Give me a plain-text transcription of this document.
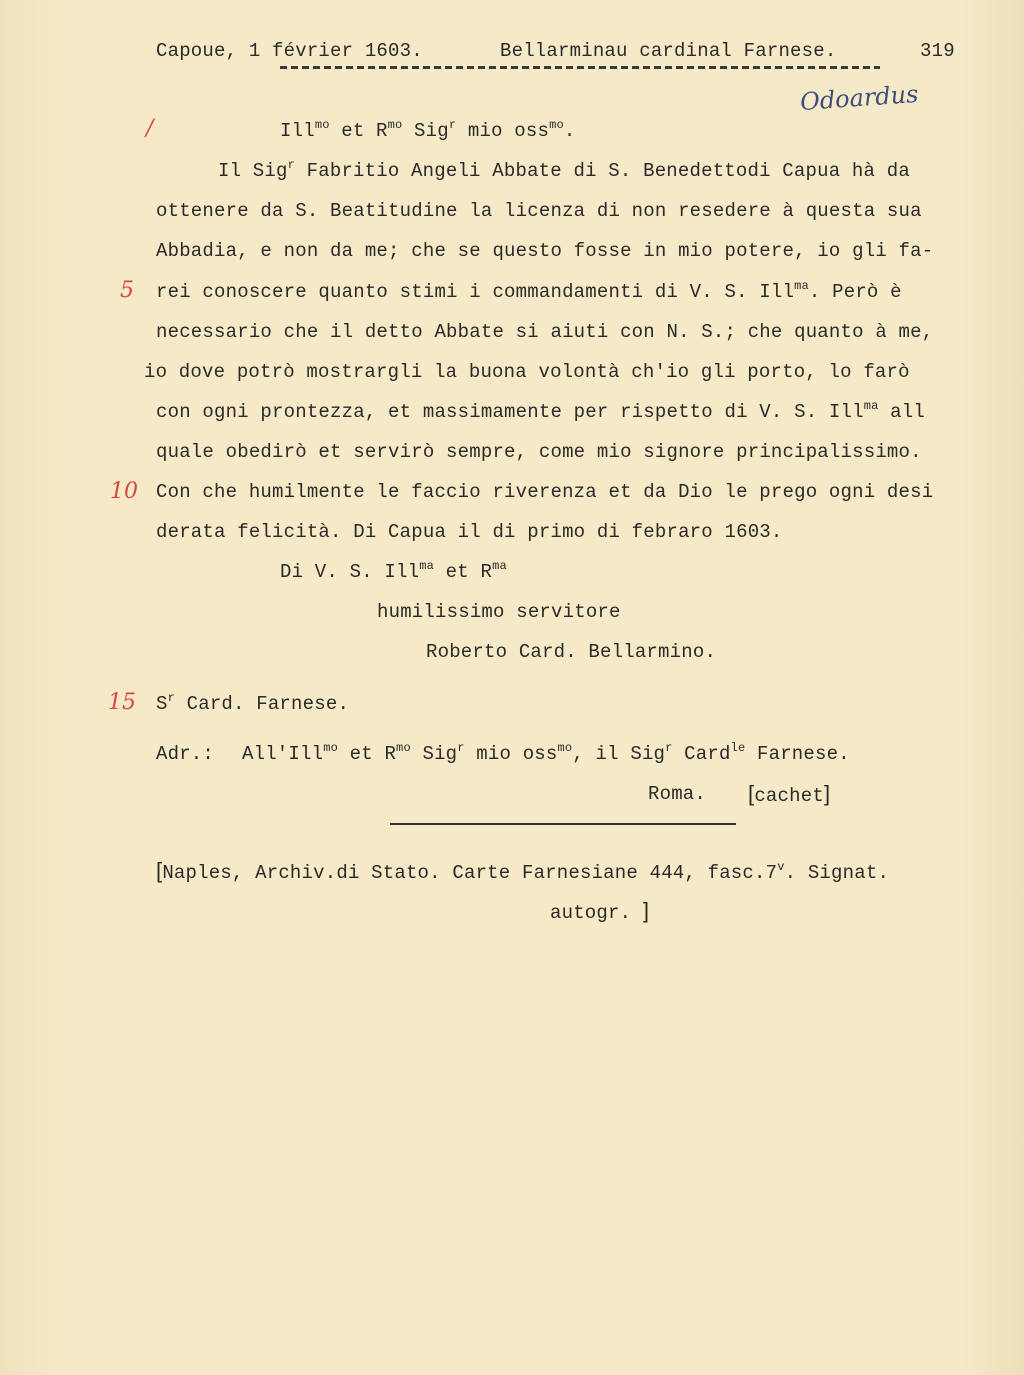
Capoue, 1 février 1603.	Bellarminau cardinal Farnese.	319
Odoardus
/
5
10
15
Ill$^{mo}$ et $R^{mo}$ Sig$^r$ mio oss$^{mo}$.
Il Sig$^r$ Fabritio Angeli Abbate di S. Benedettodi Capua hà da
ottenere da S. Beatitudine la licenza di non resedere à questa sua
Abbadia, e non da me; che se questo fosse in mio potere, io gli fa-
rei conoscere quanto stimi i commandamenti di V. S. Ill$^{ma}$. Però è
necessario che il detto Abbate si aiuti con N. S.; che quanto à me,
io dove potrò mostrargli la buona volontà ch'io gli porto, lo farò
con ogni prontezza, et massimamente per rispetto di V. S. Ill$^{ma}$ all
quale obedirò et servirò sempre, come mio signore principalissimo.
Con che humilmente le faccio riverenza et da Dio le prego ogni desi
derata felicità. Di Capua il di primo di febraro 1603.
Di V. S. Ill$^{ma}$ et $R^{ma}$
humilissimo servitore
Roberto Card. Bellarmino.
$S^r$ Card. Farnese.
Adr.: All'Ill$^{mo}$ et $R^{mo}$ Sig$^r$ mio oss$^{mo}$, il Sig$^r$ Card$^{le}$ Farnese.
Roma. [cachet]
[Naples, Archiv.di Stato. Carte Farnesiane 444, fasc.7$^v$. Signat.
autogr. ]
